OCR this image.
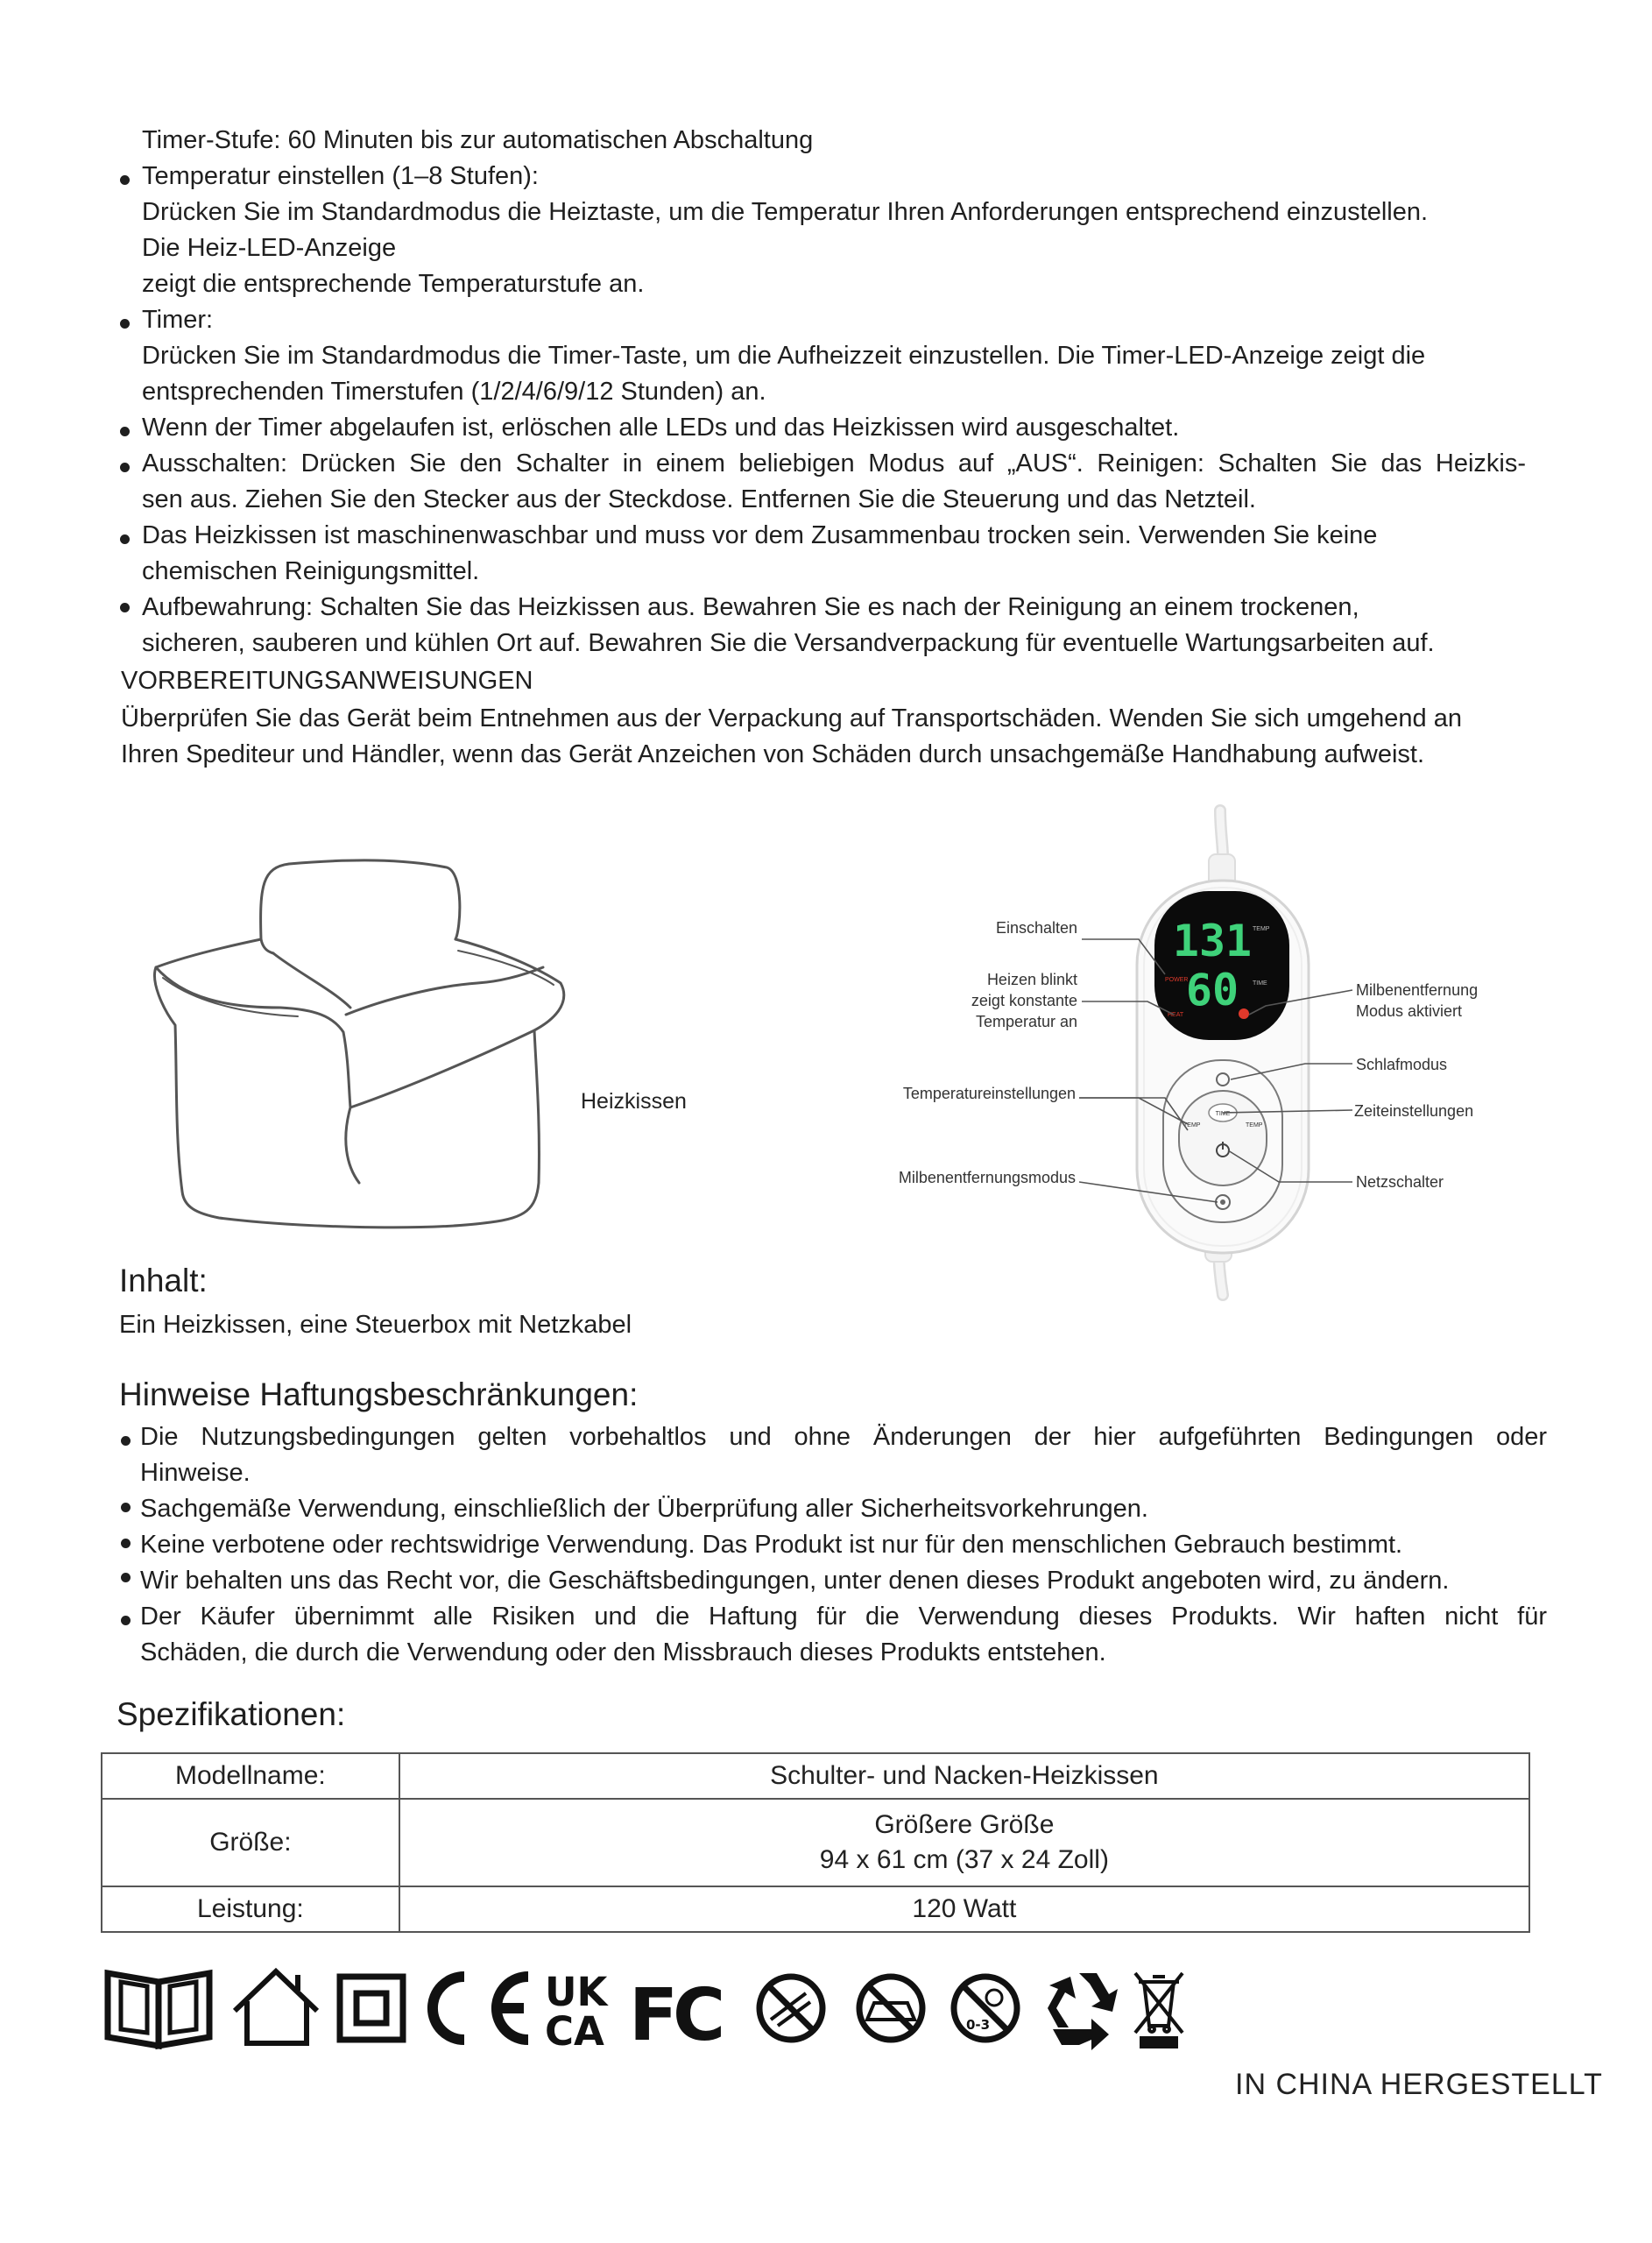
Timer-Stufe: 60 Minuten bis zur automatischen Abschaltung
Temperatur einstellen (1–8 Stufen):
Drücken Sie im Standardmodus die Heiztaste, um die Temperatur Ihren Anforderungen entsprechend einzustellen.
Die Heiz-LED-Anzeige
zeigt die entsprechende Temperaturstufe an.
Timer:
Drücken Sie im Standardmodus die Timer-Taste, um die Aufheizzeit einzustellen. Die Timer-LED-Anzeige zeigt die
entsprechenden Timerstufen (1/2/4/6/9/12 Stunden) an.
Wenn der Timer abgelaufen ist, erlöschen alle LEDs und das Heizkissen wird ausgeschaltet.
Ausschalten: Drücken Sie den Schalter in einem beliebigen Modus auf „AUS“. Reinigen: Schalten Sie das Heizkis-
sen aus. Ziehen Sie den Stecker aus der Steckdose. Entfernen Sie die Steuerung und das Netzteil.
Das Heizkissen ist maschinenwaschbar und muss vor dem Zusammenbau trocken sein. Verwenden Sie keine
chemischen Reinigungsmittel.
Aufbewahrung: Schalten Sie das Heizkissen aus. Bewahren Sie es nach der Reinigung an einem trockenen,
sicheren, sauberen und kühlen Ort auf. Bewahren Sie die Versandverpackung für eventuelle Wartungsarbeiten auf.
VORBEREITUNGSANWEISUNGEN
Überprüfen Sie das Gerät beim Entnehmen aus der Verpackung auf Transportschäden. Wenden Sie sich umgehend an
Ihren Spediteur und Händler, wenn das Gerät Anzeichen von Schäden durch unsachgemäße Handhabung aufweist.
131
60
TEMP
TIME
POWER
HEAT
TIME
TEMP	TEMP
Heizkissen
Einschalten
Heizen blinkt
zeigt konstante
Temperatur an
Temperatureinstellungen
Milbenentfernungsmodus
Milbenentfernung
Modus aktiviert
Schlafmodus
Zeiteinstellungen
Netzschalter
Inhalt:
Ein Heizkissen, eine Steuerbox mit Netzkabel
Hinweise Haftungsbeschränkungen:
Die Nutzungsbedingungen gelten vorbehaltlos und ohne Änderungen der hier aufgeführten Bedingungen oder
Hinweise.
Sachgemäße Verwendung, einschließlich der Überprüfung aller Sicherheitsvorkehrungen.
Keine verbotene oder rechtswidrige Verwendung. Das Produkt ist nur für den menschlichen Gebrauch bestimmt.
Wir behalten uns das Recht vor, die Geschäftsbedingungen, unter denen dieses Produkt angeboten wird, zu ändern.
Der Käufer übernimmt alle Risiken und die Haftung für die Verwendung dieses Produkts. Wir haften nicht für
Schäden, die durch die Verwendung oder den Missbrauch dieses Produkts entstehen.
Spezifikationen:
Modellname:	Schulter- und Nacken-Heizkissen
Größe:	Größere Größe
94 x 61 cm (37 x 24 Zoll)

Leistung:	120 Watt
UK
CA FC	0-3
IN CHINA HERGESTELLT
